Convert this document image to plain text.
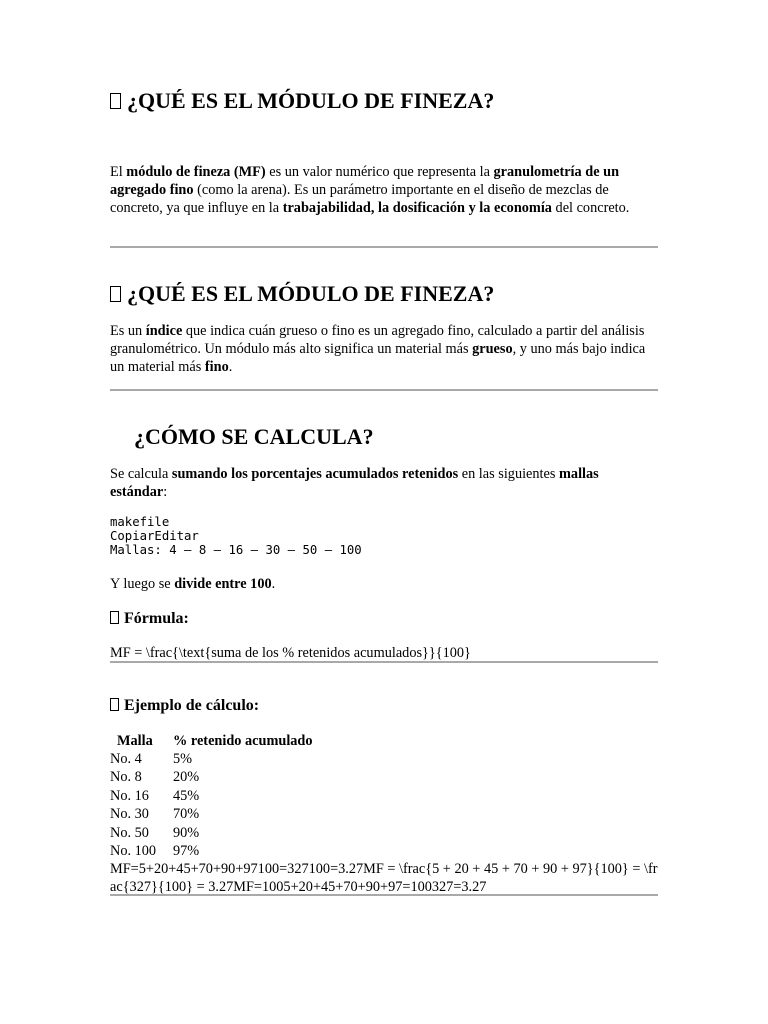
¿QUÉ ES EL MÓDULO DE FINEZA?
El módulo de fineza (MF) es un valor numérico que representa la granulometría de un agregado fino (como la arena). Es un parámetro importante en el diseño de mezclas de concreto, ya que influye en la trabajabilidad, la dosificación y la economía del concreto.
¿QUÉ ES EL MÓDULO DE FINEZA?
Es un índice que indica cuán grueso o fino es un agregado fino, calculado a partir del análisis granulométrico. Un módulo más alto significa un material más grueso, y uno más bajo indica un material más fino.
¿CÓMO SE CALCULA?
Se calcula sumando los porcentajes acumulados retenidos en las siguientes mallas estándar:
makefile
CopiarEditar
Mallas: 4 – 8 – 16 – 30 – 50 – 100
Y luego se divide entre 100.
Fórmula:
MF = \frac{\text{suma de los % retenidos acumulados}}{100}
Ejemplo de cálculo:
Malla	% retenido acumulado
No. 4	5%
No. 8	20%
No. 16	45%
No. 30	70%
No. 50	90%
No. 100	97%
MF=5+20+45+70+90+97100=327100=3.27MF = \frac{5 + 20 + 45 + 70 + 90 + 97}{100} = \frac{327}{100} = 3.27MF=1005+20+45+70+90+97=100327=3.27
